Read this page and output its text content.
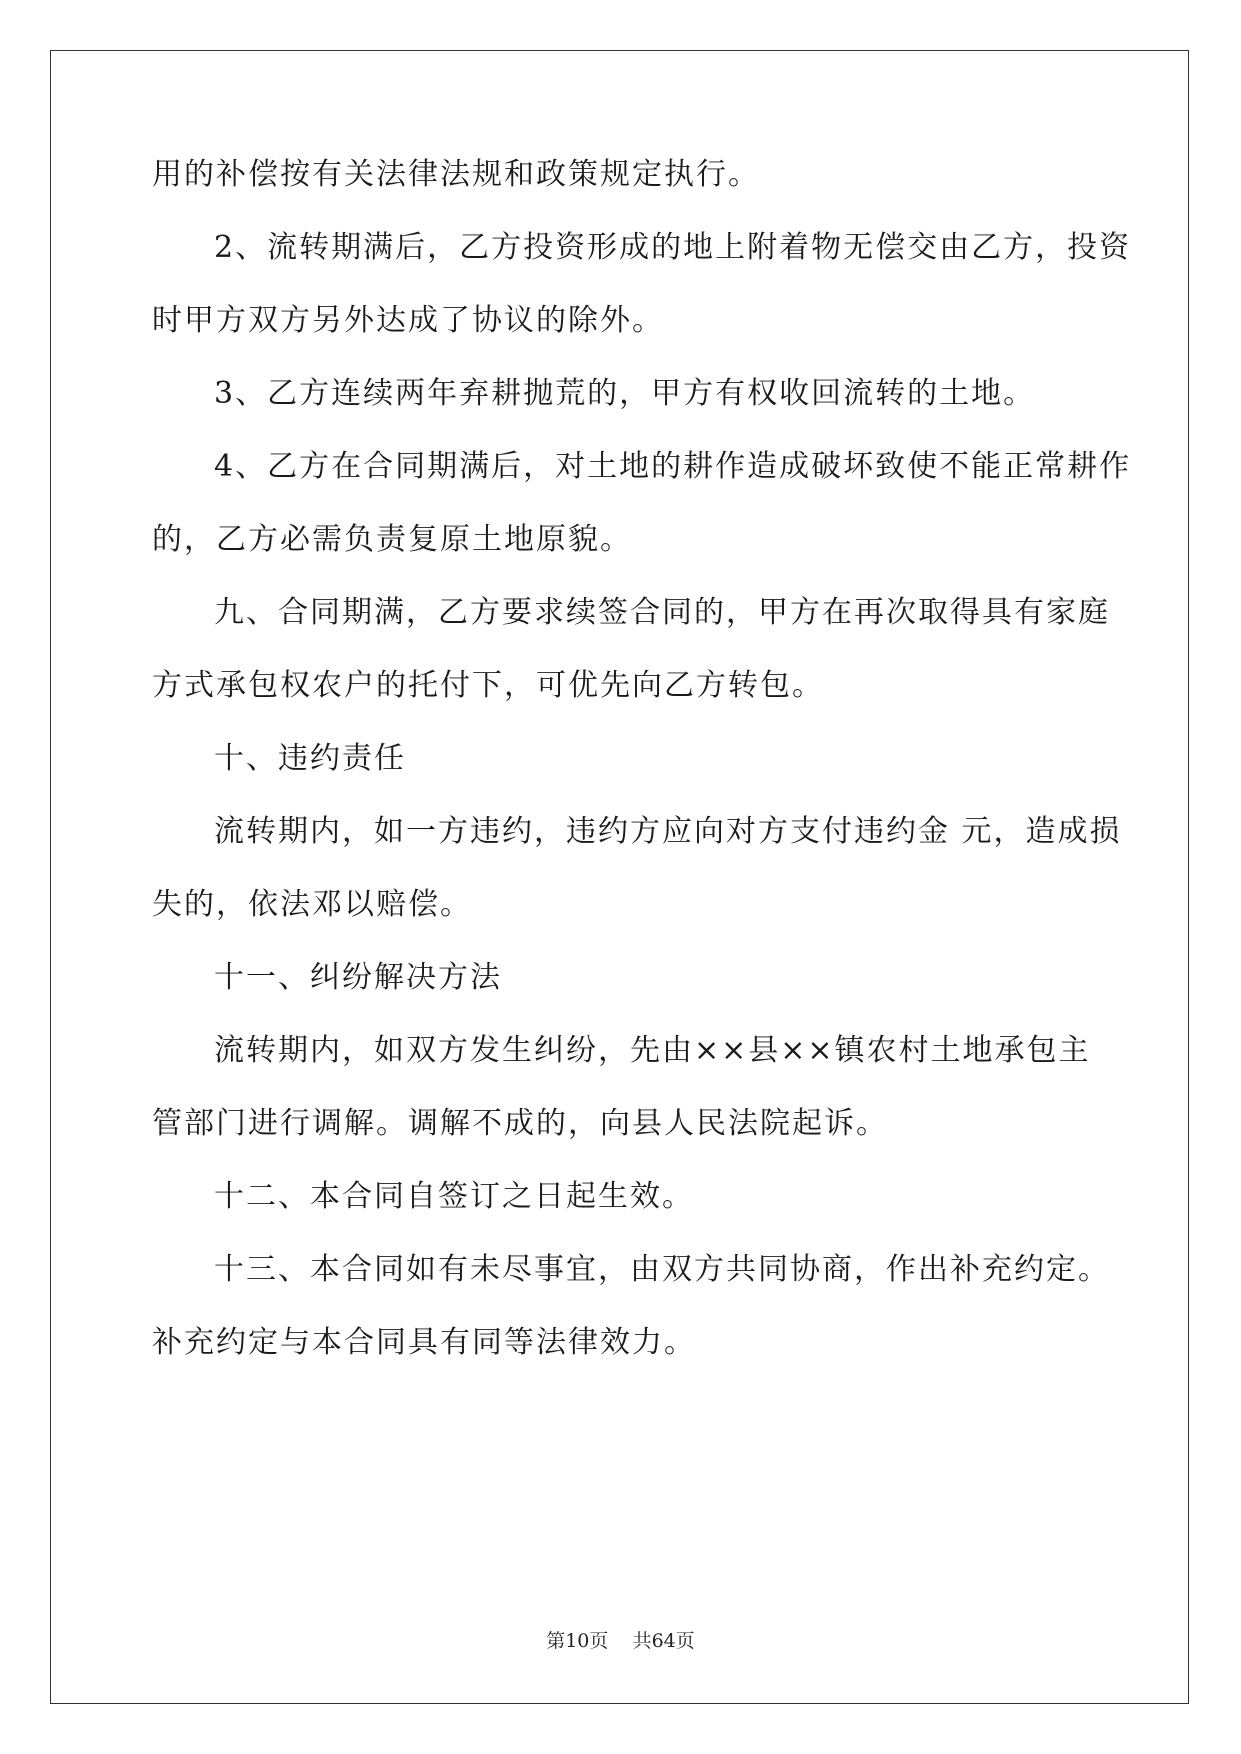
用的补偿按有关法律法规和政策规定执行。
2、流转期满后，乙方投资形成的地上附着物无偿交由乙方，投资
时甲方双方另外达成了协议的除外。
3、乙方连续两年弃耕抛荒的，甲方有权收回流转的土地。
4、乙方在合同期满后，对土地的耕作造成破坏致使不能正常耕作
的，乙方必需负责复原土地原貌。
九、合同期满，乙方要求续签合同的，甲方在再次取得具有家庭
方式承包权农户的托付下，可优先向乙方转包。
十、违约责任
流转期内，如一方违约，违约方应向对方支付违约金 元，造成损
失的，依法邓以赔偿。
十一、纠纷解决方法
流转期内，如双方发生纠纷，先由××县××镇农村土地承包主
管部门进行调解。调解不成的，向县人民法院起诉。
十二、本合同自签订之日起生效。
十三、本合同如有未尽事宜，由双方共同协商，作出补充约定。
补充约定与本合同具有同等法律效力。
第10页 共64页
